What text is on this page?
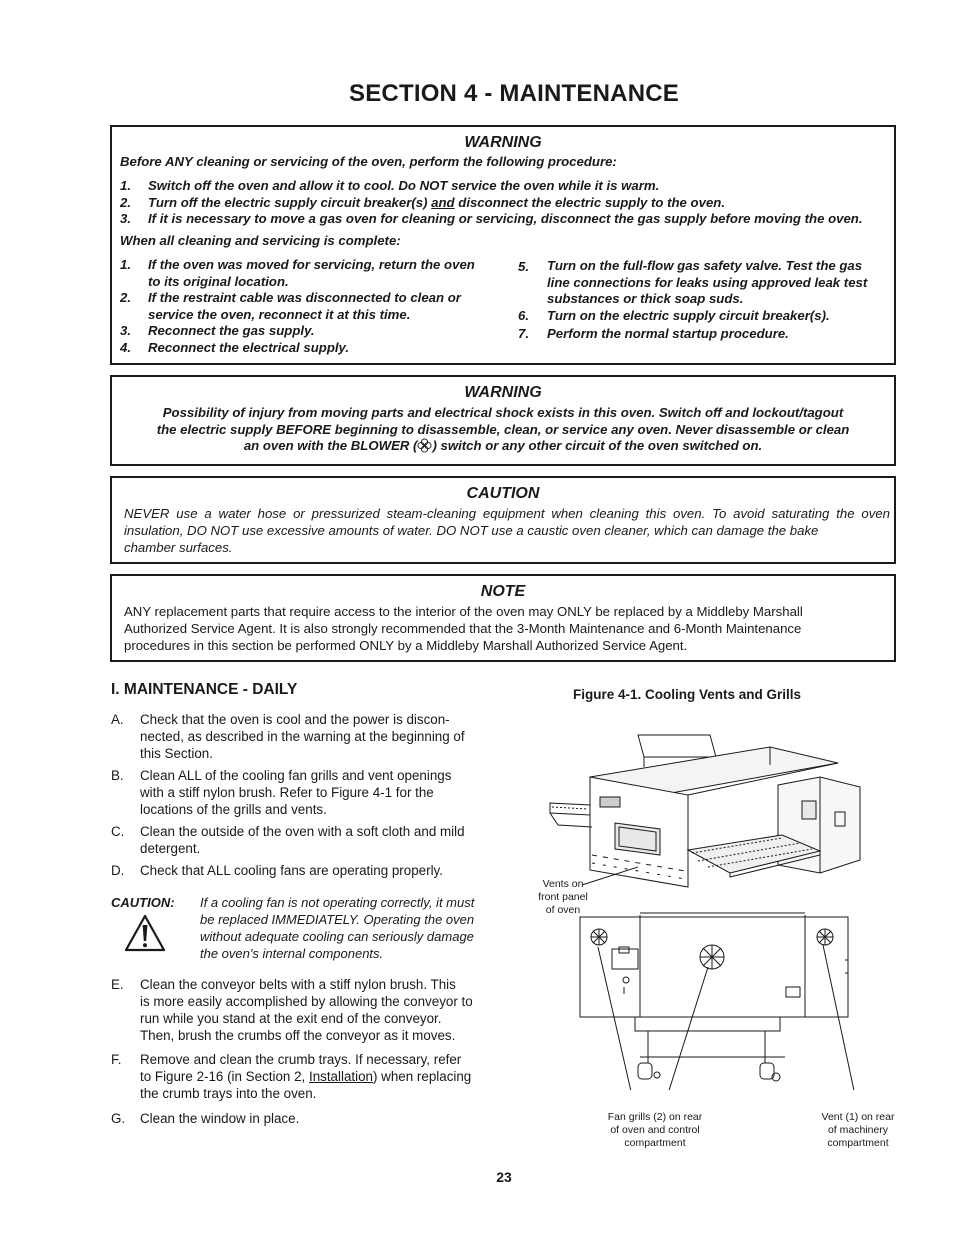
SECTION 4 - MAINTENANCE
WARNING
Before ANY cleaning or servicing of the oven, perform the following procedure:
1. Switch off the oven and allow it to cool. Do NOT service the oven while it is warm.
2. Turn off the electric supply circuit breaker(s) and disconnect the electric supply to the oven.
3. If it is necessary to move a gas oven for cleaning or servicing, disconnect the gas supply before moving the oven.
When all cleaning and servicing is complete:
1. If the oven was moved for servicing, return the oven
to its original location.
2. If the restraint cable was disconnected to clean or
service the oven, reconnect it at this time.
3. Reconnect the gas supply.
4. Reconnect the electrical supply.
5. Turn on the full-flow gas safety valve. Test the gas
line connections for leaks using approved leak test
substances or thick soap suds.
6. Turn on the electric supply circuit breaker(s).
7. Perform the normal startup procedure.
WARNING
Possibility of injury from moving parts and electrical shock exists in this oven. Switch off and lockout/tagout
the electric supply BEFORE beginning to disassemble, clean, or service any oven. Never disassemble or clean
an oven with the BLOWER ( ) switch or any other circuit of the oven switched on.
CAUTION
NEVER use a water hose or pressurized steam-cleaning equipment when cleaning this oven. To avoid saturating the oven
insulation, DO NOT use excessive amounts of water. DO NOT use a caustic oven cleaner, which can damage the bake
chamber surfaces.
NOTE
ANY replacement parts that require access to the interior of the oven may ONLY be replaced by a Middleby Marshall
Authorized Service Agent. It is also strongly recommended that the 3-Month Maintenance and 6-Month Maintenance
procedures in this section be performed ONLY by a Middleby Marshall Authorized Service Agent.
I. MAINTENANCE - DAILY
A. Check that the oven is cool and the power is discon-
nected, as described in the warning at the beginning of
this Section.
B. Clean ALL of the cooling fan grills and vent openings
with a stiff nylon brush. Refer to Figure 4-1 for the
locations of the grills and vents.
C. Clean the outside of the oven with a soft cloth and mild
detergent.
D. Check that ALL cooling fans are operating properly.
CAUTION: If a cooling fan is not operating correctly, it must
be replaced IMMEDIATELY. Operating the oven
without adequate cooling can seriously damage
the oven's internal components.
E. Clean the conveyor belts with a stiff nylon brush. This
is more easily accomplished by allowing the conveyor to
run while you stand at the exit end of the conveyor.
Then, brush the crumbs off the conveyor as it moves.
F. Remove and clean the crumb trays. If necessary, refer
to Figure 2-16 (in Section 2, Installation) when replacing
the crumb trays into the oven.
G. Clean the window in place.
Figure 4-1. Cooling Vents and Grills
Vents on
front panel
of oven
Fan grills (2) on rear
of oven and control
compartment
Vent (1) on rear
of machinery
compartment
23
